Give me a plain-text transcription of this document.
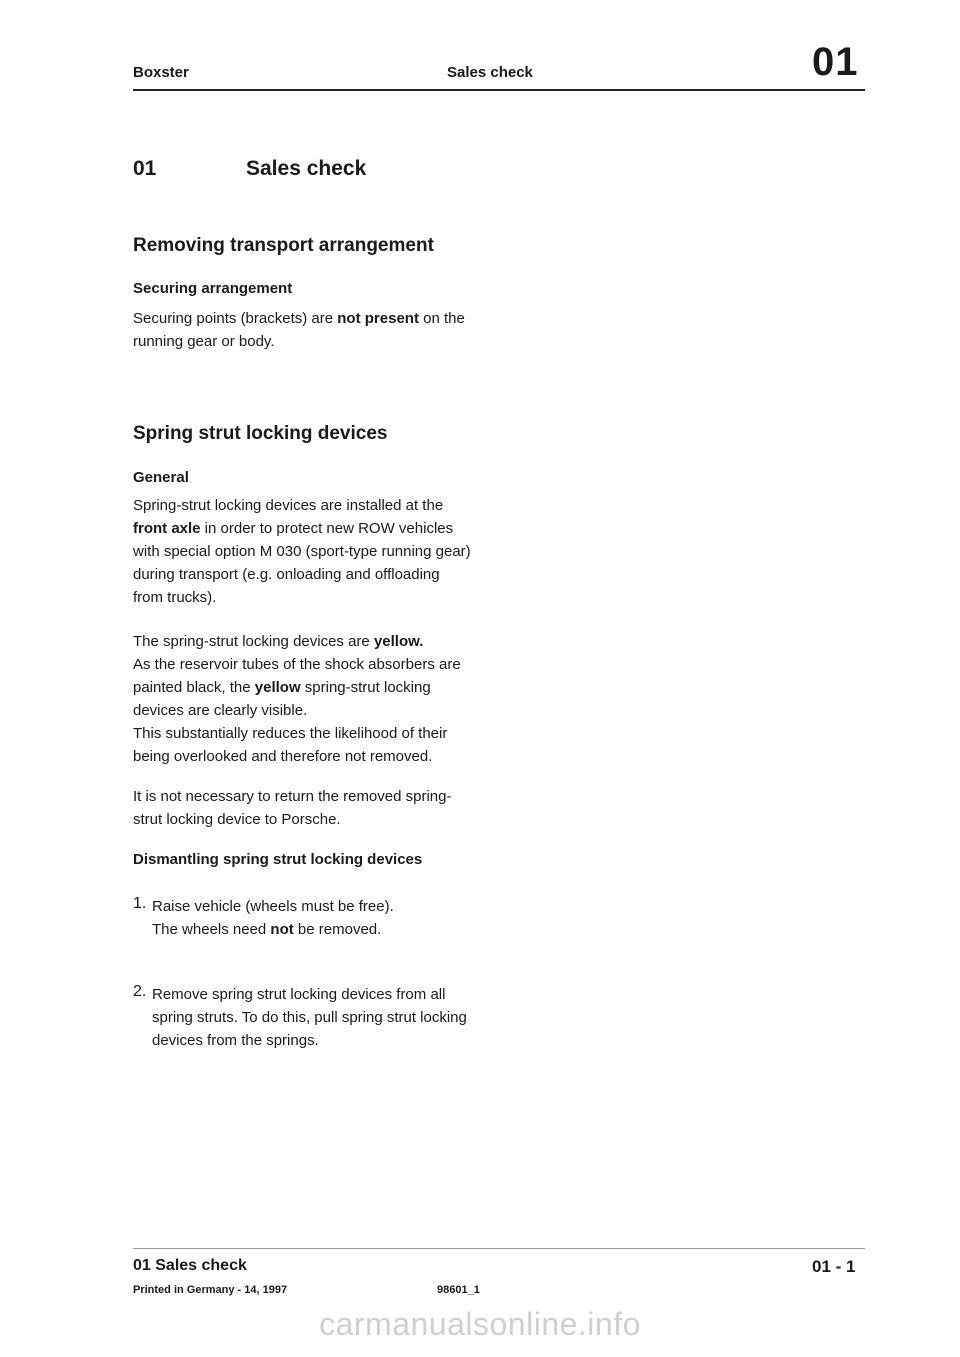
Boxster	Sales check	01
01	Sales check
Removing transport arrangement
Securing arrangement
Securing points (brackets) are not present on the running gear or body.
Spring strut locking devices
General
Spring-strut locking devices are installed at the front axle in order to protect new ROW vehicles with special option M 030 (sport-type running gear) during transport (e.g. onloading and offloading from trucks).
The spring-strut locking devices are yellow.
As the reservoir tubes of the shock absorbers are painted black, the yellow spring-strut locking devices are clearly visible.
This substantially reduces the likelihood of their being overlooked and therefore not removed.
It is not necessary to return the removed spring-strut locking device to Porsche.
Dismantling spring strut locking devices
1. Raise vehicle (wheels must be free).
The wheels need not be removed.
2. Remove spring strut locking devices from all spring struts. To do this, pull spring strut locking devices from the springs.
01 Sales check	01 - 1
Printed in Germany - 14, 1997	98601_1
carmanualsonline.info
